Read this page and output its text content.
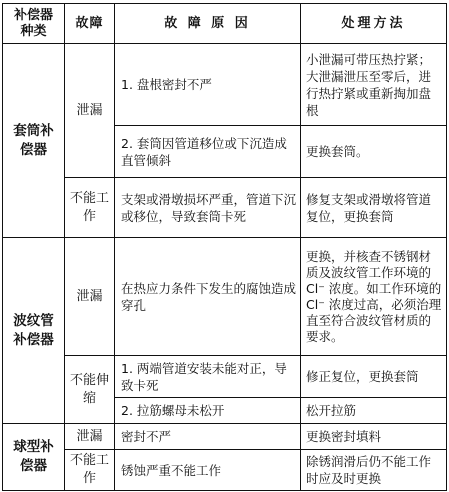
补偿器种类	故障	故 障 原 因	处理方法
套筒补偿器	泄漏	1. 盘根密封不严	小泄漏可带压热拧紧；大泄漏泄压至零后，进行热拧紧或重新掏加盘根
		2. 套筒因管道移位或下沉造成直管倾斜	更换套筒。
	不能工作	支架或滑墩损坏严重，管道下沉或移位，导致套筒卡死	修复支架或滑墩将管道复位，更换套筒
波纹管补偿器	泄漏	在热应力条件下发生的腐蚀造成穿孔	更换，并核查不锈钢材质及波纹管工作环境的 Cl⁻ 浓度。如工作环境的 Cl⁻ 浓度过高，必须治理直至符合波纹管材质的要求。
	不能伸缩	1. 两端管道安装未能对正，导致卡死	修正复位，更换套筒
		2. 拉筋螺母未松开	松开拉筋
球型补偿器	泄漏	密封不严	更换密封填料
	不能工作	锈蚀严重不能工作	除锈润滑后仍不能工作时应及时更换
